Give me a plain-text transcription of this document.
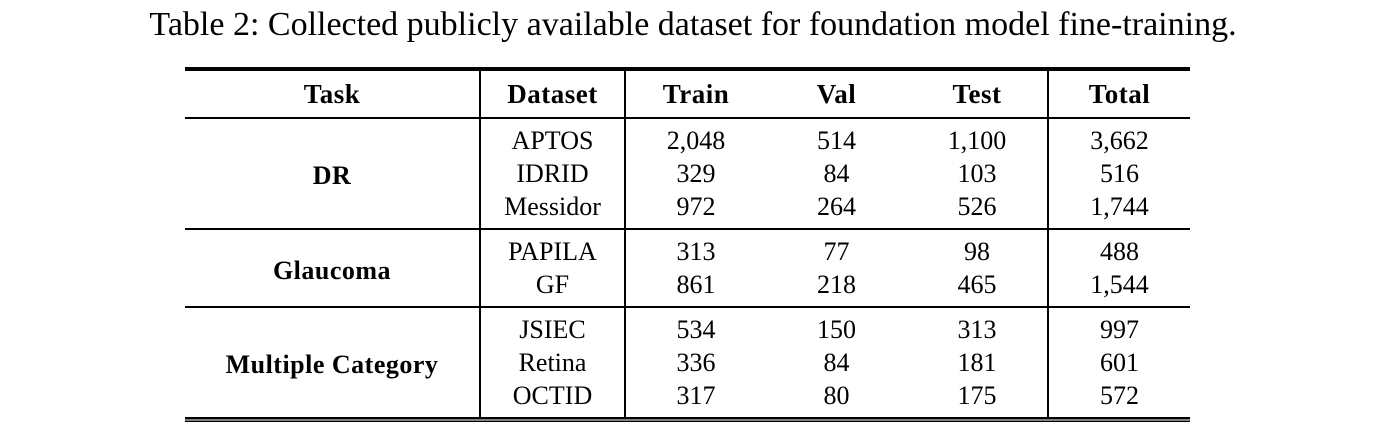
Table 2: Collected publicly available dataset for foundation model fine-training.
Task	Dataset	Train	Val	Test	Total
DR	APTOS	2,048	514	1,100	3,662
	IDRID	329	84	103	516
	Messidor	972	264	526	1,744
Glaucoma	PAPILA	313	77	98	488
	GF	861	218	465	1,544
Multiple Category	JSIEC	534	150	313	997
	Retina	336	84	181	601
	OCTID	317	80	175	572
